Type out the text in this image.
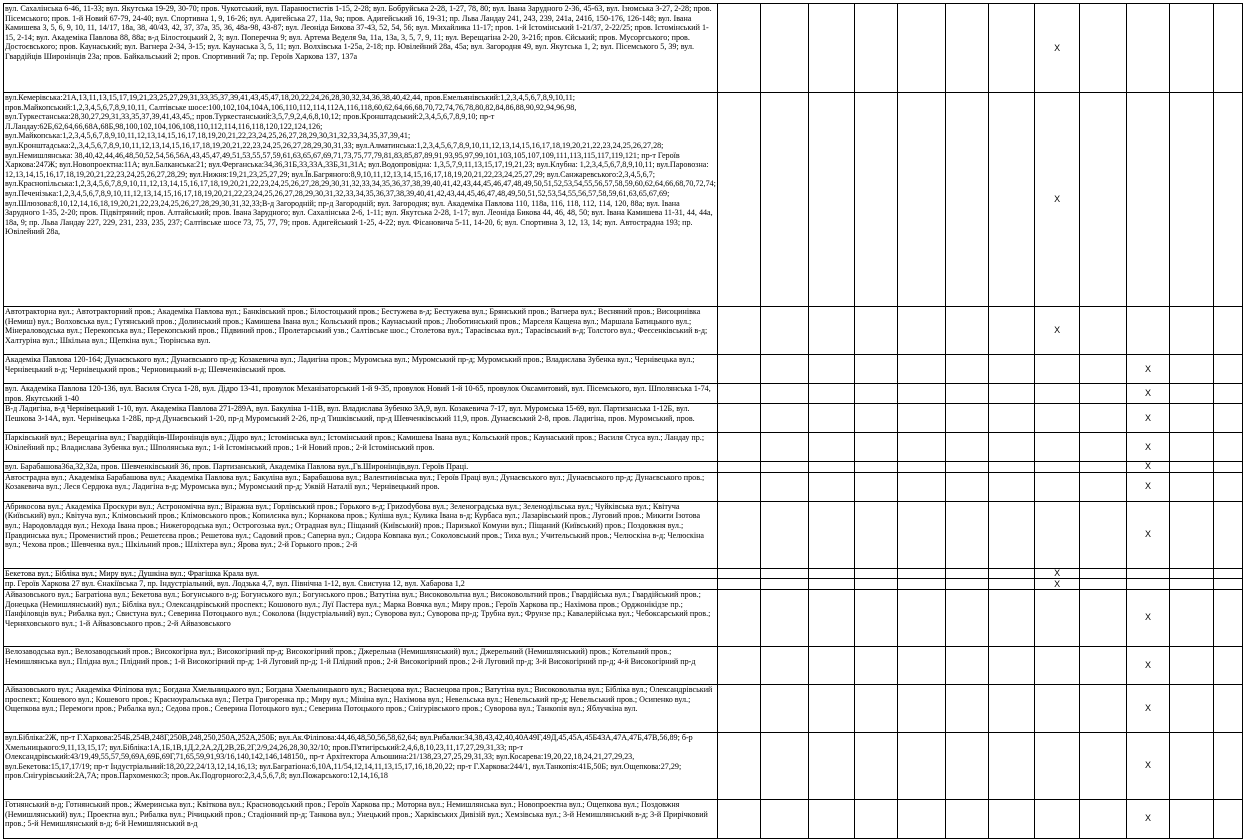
вул. Сахалінська 6-46, 11-33; вул. Якутська 19-29, 30-70; пров. Чукотський, вул. Паранюстистів 1-15, 2-28; вул. Бобруйська 2-28, 1-27, 78, 80; вул. Івана Зарудного 2-36, 45-63, вул. Ізюмська 3-27, 2-28; пров. Пісемського; пров. 1-й Новий 67-79, 24-40; вул. Спортивна 1, 9, 16-26; вул. Адигейська 27, 11а, 9а; пров. Адигейський 16, 19-31; пр. Льва Ландау 241, 243, 239, 241а, 241б, 150-176, 126-148; вул. Івана Камишева 3, 5, 6, 9, 10, 11, 14/17, 18а, 38, 40/43, 42, 37, 37а, 35, 36, 48а-98, 43-87; вул. Леоніда Бикова 37-43, 52, 54, 56; вул. Михайлика 11-17; пров. 1-й Істомінський 1-21/37, 2-22/25; пров. Істомінський 1-15, 2-14; вул. Академіка Павлова 88, 88а; в-д Білостоцький 2, 3; вул. Поперечна 9; вул. Артема Веделя 9а, 11а, 13а, 3, 5, 7, 9, 11; вул. Верещагіна 2-20, 3-21б; пров. Єйський; пров. Мусоргського; пров. Достоєвського; пров. Каунаський; вул. Вагнера 2-34, 3-15; вул. Каунаська 3, 5, 11; вул. Волхівська 1-25а, 2-18; пр. Ювілейний 28а, 45а; вул. Загородня 49, вул. Якутська 1, 2; вул. Пісемського 5, 39; вул. Гвардійців Широнінців 23а; пров. Байкальський 2; пров. Спортивний 7а; пр. Героїв Харкова 137, 137а								X				
вул.Кемерівська:21А,13,11,13,15,17,19,21,23,25,27,29,31,33,35,37,39,41,43,45,47,18,20,22,24,26,28,30,32,34,36,38,40,42,44, пров.Емельянівський:1,2,3,4,5,6,7,8,9,10,11; пров.Майкопський:1,2,3,4,5,6,7,8,9,10,11, Салтівське шосе:100,102,104,104А,106,110,112,114,112А,116,118,60,62,64,66,68,70,72,74,76,78,80,82,84,86,88,90,92,94,96,98, вул.Туркестанська:28,30,27,29,31,33,35,37,39,41,43,45,; пров.Туркестанський:3,5,7,9,2,4,6,8,10,12; пров.Кронштадський:2,3,4,5,6,7,8,9,10; пр-т Л.Ландау:62Б,62,64,66,68А,68Б,98,100,102,104,106,108,110,112,114,116,118,120,122,124,126; вул.Майкопська:1,2,3,4,5,6,7,8,9,10,11,12,13,14,15,16,17,18,19,20,21,22,23,24,25,26,27,28,29,30,31,32,33,34,35,37,39,41; вул.Кронштадська:2,,3,4,5,6,7,8,9,10,11,12,13,14,15,16,17,18,19,20,21,22,23,24,25,26,27,28,29,30,31,33; вул.Алматинська:1,2,3,4,5,6,7,8,9,10,11,12,13,14,15,16,17,18,19,20,21,22,23,24,25,26,27,28; вул.Немишлянська: 38,40,42,44,46,48,50,52,54,56,56А,43,45,47,49,51,53,55,57,59,61,63,65,67,69,71,73,75,77,79,81,83,85,87,89,91,93,95,97,99,101,103,105,107,109,111,113,115,117,119,121; пр-т Героїв Харкова:247Ж; вул.Новопроектна:11А; вул.Балканська:21; вул.Ферганська:34,36,31Б,33,33А,33Б,31,31А; вул.Водопровідна: 1,3,5,7,9,11,13,15,17,19,21,23; вул.Клубна: 1,2,3,4,5,6,7,8,9,10,11; вул.Паровозна: 12,13,14,15,16,17,18,19,20,21,22,23,24,25,26,27,28,29; вул.Нижня:19,21,23,25,27,29; вул.Їв.Багряного:8,9,10,11,12,13,14,15,16,17,18,19,20,21,22,23,24,25,27,29; вул.Санжаревського:2,3,4,5,6,7; вул.Краснопільська:1,2,3,4,5,6,7,8,9,10,11,12,13,14,15,16,17,18,19,20,21,22,23,24,25,26,27,28,29,30,31,32,33,34,35,36,37,38,39,40,41,42,43,44,45,46,47,48,49,50,51,52,53,54,55,56,57,58,59,60,62,64,66,68,70,72,74; вул.Печенізька:1,2,3,4,5,6,7,8,9,10,11,12,13,14,15,16,17,18,19,20,21,22,23,24,25,26,27,28,29,30,31,32,33,34,35,36,37,38,39,40,41,42,43,44,45,46,47,48,49,50,51,52,53,54,55,56,57,58,59,61,63,65,67,69; вул.Шлюзова:8,10,12,14,16,18,19,20,21,22,23,24,25,26,27,28,29,30,31,32,33;В-д Загородній; пр-д Загородній; вул. Загородня; вул. Академіка Павлова 110, 118а, 116, 118, 112, 114, 120, 88а; вул. Івана Зарудного 1-35, 2-20; пров. Підвітряний; пров. Алтайський; пров. Івана Зарудного; вул. Сахалінська 2-6, 1-11; вул. Якутська 2-28, 1-17; вул. Леоніда Бикова 44, 46, 48, 50; вул. Івана Камишева 11-31, 44, 44а, 18а, 9; пр. Льва Ландау 227, 229, 231, 233, 235, 237; Салтівське шосе 73, 75, 77, 79; пров. Адигейський 1-25, 4-22; вул. Фісановича 5-11, 14-20, 6; вул. Спортивна 3, 12, 13, 14; вул. Автострадна 193; пр. Ювілейний 28а,								X				
Автотракторна вул.; Автотракторний пров.; Академіка Павлова вул.; Банківський пров.; Білостоцький пров.; Бестужева в-д; Бестужева вул.; Брянський пров.; Вагнера вул.; Весняний пров.; Висоцинівка (Немиш) вул.; Волховська вул.; Гутянський пров.; Долинський пров.; Камишева Івана вул.; Кольський пров.; Каунаський пров.; Люботинський пров.; Марселя Кащена вул.; Маршала Батицького вул.; Мінераловодська вул.; Перекопська вул.; Перекопський пров.; Підвиний пров.; Пролетарський узв.; Салтівське шос.; Столетова вул.; Тарасівська вул.; Тарасівський в-д; Толстого вул.; Феєсенківський в-д; Халтуріна вул.; Шкільна вул.; Щепкіна вул.; Тюрінська вул.								X				
Академіка Павлова 120-164; Дунаєвського вул.; Дунаєвського пр-д; Козакевича вул.; Ладигіна пров.; Муромська вул.; Муромський пр-д; Муромський пров.; Владислава Зубенка вул.; Чернівецька вул.; Чернівецький в-д; Чернівецький пров.; Черновицький в-д; Шевченківський пров.										X		
вул. Академіка Павлова 120-136, вул. Василя Стуса 1-28, вул. Дідро 13-41, провулок Механізаторський 1-й 9-35, провулок Новий 1-й 10-65, провулок Оксамитовий, вул. Пісемського, вул. Шполянська 1-74, пров. Якутський 1-40										X		
В-д Ладигіна, в-д Чернівецький 1-10, вул. Академіка Павлова 271-289А, вул. Бакуліна 1-11В, вул. Владислава Зубенко 3А,9, вул. Козакевича 7-17, вул. Муромська 15-69, вул. Партизанська 1-12Б, вул. Пешкова 3-14А, вул. Чернівецька 1-28Б, пр-д Дунаєвський 1-20, пр-д Муромський 2-26, пр-д Тишківський, пр-д Шевченківський 11,9, пров. Дунаєвський 2-8, пров. Ладигіна, пров. Муромський, пров.										X		
Парківський вул.; Верещагіна вул.; Гвардійців-Широнінців вул.; Дідро вул.; Істомінська вул.; Істомінський пров.; Камишева Івана вул.; Кольський пров.; Каунаський пров.; Василя Стуса вул.; Ландау пр.; Ювілейний пр.; Владислава Зубенка вул.; Шполянська вул.; 1-й Істомінський пров.; 1-й Новий пров.; 2-й Істомінський пров.										X		
вул. Барабашова36а,32,32а, пров. Шевченківський 36, пров. Партизанський, Академіка Павлова вул.,Гв.Широнінців,вул. Героїв Праці.										X		
Автострадна вул.; Академіка Барабашова вул.; Академіка Павлова вул.; Бакуліна вул.; Барабашова вул.; Валентинівська вул.; Героїв Праці вул.; Дунаєвського вул.; Дунаєвського пр-д; Дунаєвського пров.; Козакевича вул.; Леся Сердюка вул.; Ладигіна в-д; Муромська вул.; Муромський пр-д; Ужвій Наталії вул.; Чернівецький пров.										X		
Абрикосова вул.; Академіка Проскури вул.; Астрономічна вул.; Віражна вул.; Горлівський пров.; Горького в-д; Гриzodубова вул.; Зеленоградська вул.; Зеленодільська вул.; Чуйківська вул.; Квітуча (Київський) вул.; Квітуча вул.; Клімовський пров.; Клімовського пров.; Копилєнка вул.; Корнакова пров.; Куліша вул.; Кулика Івана в-д; Курбаса вул.; Лазарівський пров.; Луговий пров.; Микити Ізотова вул.; Народовладдя вул.; Нехода Івана пров.; Нижегородська вул.; Острогозька вул.; Отрадная вул.; Піщаний (Київський) пров.; Паризької Комуни вул.; Піщаний (Київський) пров.; Поздовжня вул.; Правдинська вул.; Променистий пров.; Решетєєва пров.; Решетова вул.; Садовий пров.; Саперна вул.; Сидора Ковпака вул.; Соколовський пров.; Тиха вул.; Учительський пров.; Челюскіна в-д; Челюскіна вул.; Чехова пров.; Шевченка вул.; Шкільний пров.; Шліхтера вул.; Ярова вул.; 2-й Горького пров.; 2-й										X		
Бекетова вул.; Бібліка вул.; Миру вул.; Душкіна вул.; Фрагішка Крала вул.								X				
пр. Героїв Харкова 27 вул. Єнакіївська 7, пр. Індустріальний, вул. Лодзька 4,7, вул. Північна 1-12, вул. Свистуна 12, вул. Хабарова 1,2								X				
Айвазовського вул.; Багратіона вул.; Бекетова вул.; Богунського в-д; Богунського вул.; Богунського пров.; Ватутіна вул.; Високовольтна вул.; Високовольтний пров.; Гвардійська вул.; Гвардійський пров.; Донецька (Немишлянський) вул.; Бібліка вул.; Олександрівський проспект.; Кошового вул.; Луї Пастера вул.; Марка Вовчка вул.; Миру пров.; Героїв Харкова пр.; Нахімова пров.; Орджонікідзе пр.; Панфіловців вул.; Рибалка вул.; Свистуна вул.; Северина Потоцького вул.; Соколова (Індустріальний) вул.; Суворова вул.; Суворова пр-д; Трубна вул.; Фрунзе пр.; Кавалерійська вул.; Чебоксарський пров.; Черняховського вул.; 1-й Айвазовського пров.; 2-й Айвазовського										X		
Велозаводська вул.; Велозаводський пров.; Високогірна вул.; Високогірний пр-д; Високогірний пров.; Джерельна (Немишлянський) вул.; Джерельний (Немишлянський) пров.; Котельний пров.; Немишлянська вул.; Плідна вул.; Плідний пров.; 1-й Високогірний пр-д; 1-й Луговий пр-д; 1-й Плідний пров.; 2-й Високогірний пров.; 2-й Луговий пр-д; 3-й Високогірний пр-д; 4-й Високогірний пр-д										X		
Айвазовського вул.; Академіка Філіпова вул.; Богдана Хмельницького вул.; Богдана Хмельницького вул.; Васнецова вул.; Васнецова пров.; Ватутіна вул.; Високовольтна вул.; Бібліка вул.; Олександрівський проспект.; Кошевого вул.; Кошевого пров.; Красноуральська вул.; Петра Григоренка пр.; Миру вул.; Мініна вул.; Нахімова вул.; Невельська вул.; Невельський пр-д; Невельський пров.; Осипенко вул.; Ощепкова вул.; Перемоги пров.; Рибалка вул.; Седова пров.; Северина Потоцького вул.; Северина Потоцького пров.; Снігурівського пров.; Суворова вул.; Танкопія вул.; Яблучкіна вул.										X		
вул.Бібліка:2Ж, пр-т Г.Харкова:254Б,254В,248Г,250В,248,250,250А,252А,250Б; вул.Ак.Філіпова:44,46,48,50,56,58,62,64; вул.Рибалки:34,38,43,42,40,40А49Г,49Д,45,45А,45Б43А,47А,47Б,47В,56,89; б-р Хмельницького:9,11,13,15,17; вул.Бібліка:1А,1Б,1В,1Д,2,2А,2Д,2В,2Б,2Г,2/9,24,26,28,30,32/10; пров.П'ятигірський:2,4,6,8,10,23,11,17,27,29,31,33; пр-т Олександрівський:43/19,49,55,57,59,69А,69Б,69Г,71,65,59,91,93/16,140,142,146,148150,, пр-т Архітектора Альошина:21/138,23,27,25,29,31,33; вул.Косарева:19,20,22,18,24,21,27,29,23, вул.Бекетова:15,17,17/19; пр-т Індустріальний:18,20,22,24/13,12,14,16,13; вул.Багратіона:6,10А,11/54,12,14,11,13,15,17,16,18,20,22; пр-т Г.Харкова:244/1, вул.Танкопія:41Б,50Б; вул.Ощепкова:27,29; пров.Снігурівський:2А,7А; пров.Пархоменко:3; пров.Ак.Подгорного:2,3,4,5,6,7,8; вул.Пожарського:12,14,16,18										X		
Готнянський в-д; Готнянський пров.; Жмеринська вул.; Квіткова вул.; Красноводський пров.; Героїв Харкова пр.; Моторна вул.; Немишлянська вул.; Новопроектна вул.; Ощепкова вул.; Поздовжня (Немишлянський) вул.; Проектна вул.; Рибалка вул.; Річицький пров.; Стадіонний пр-д; Танкова вул.; Унецький пров.; Харківських Дивізій вул.; Хемзівська вул.; 3-й Немишлянський в-д; 3-й Прирічковий пров.; 5-й Немишлянський в-д; 6-й Немишлянський в-д										X		
